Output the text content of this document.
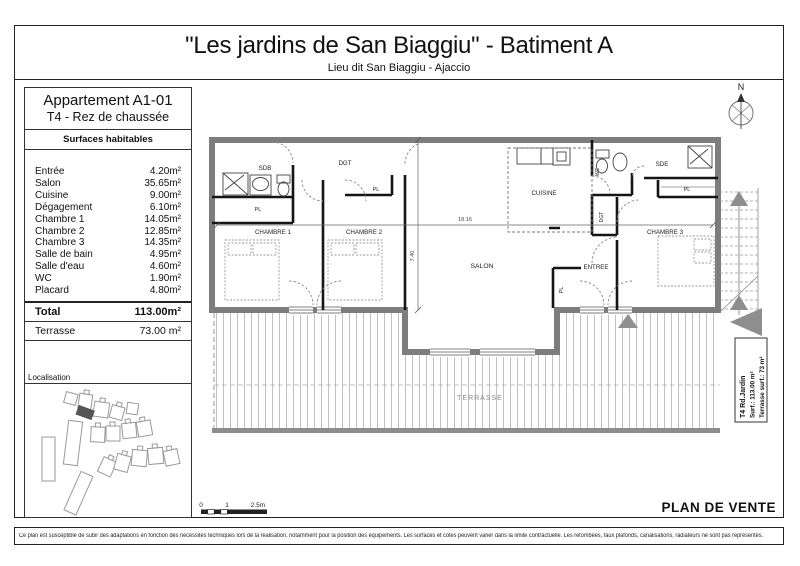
"Les jardins de San Biaggiu" - Batiment A
Lieu dit San Biaggiu - Ajaccio
Appartement A1-01
T4 - Rez de chaussée
Surfaces habitables
Entrée	4.20m²
Salon	35.65m²
Cuisine	9.00m²
Dégagement	6.10m²
Chambre 1	14.05m²
Chambre 2	12.85m²
Chambre 3	14.35m²
Salle de bain	4.95m²
Salle d'eau	4.60m²
WC	1.90m²
Placard	4.80m²
Total	113.00m²
Terrasse	73.00 m²
Localisation
TERRASSE
18.16
7.40
N
T4 Rd.Jardin Surf.: 113.00 m² Terrasse surf.: 73 m²
0	1	2.5m	PLAN DE VENTE
SDB
DGT
PL
PL
CHAMBRE 1	CHAMBRE 2
CUISINE
SALON	ENTREE
PL
SDE
WC
DGT
PL
CHAMBRE 3
Ce plan est susceptible de subir des adaptations en fonction des nécessités techniques lors de la réalisation, notamment pour la position des équipements. Les surfaces et cotes peuvent varier dans la limite contractuelle. Les retombées, faux plafonds, canalisations, radiateurs ne sont pas représentés.
